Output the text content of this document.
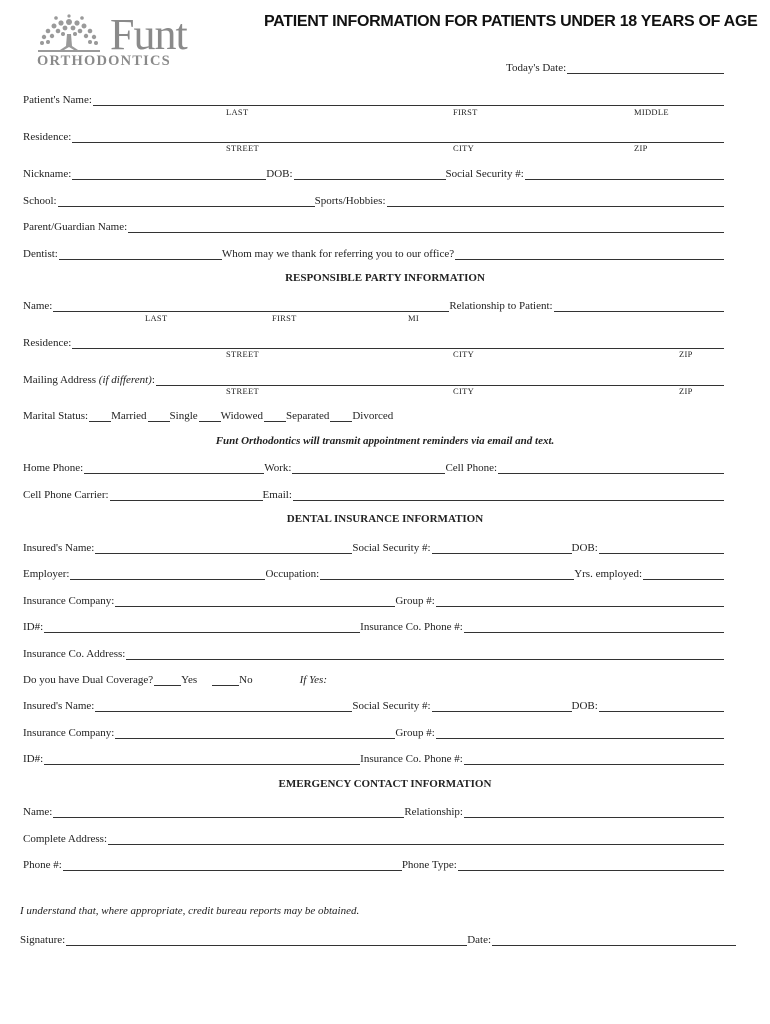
Funt
ORTHODONTICS
PATIENT INFORMATION FOR PATIENTS UNDER 18 YEARS OF AGE
Today's Date:
Patient's Name:
LAST	FIRST	MIDDLE
Residence:
STREET	CITY	ZIP
Nickname:	DOB:	Social Security #:
School:	Sports/Hobbies:
Parent/Guardian Name:
Dentist:	Whom may we thank for referring you to our office?
RESPONSIBLE PARTY INFORMATION
Name:	Relationship to Patient:
LAST	FIRST	MI
Residence:
STREET	CITY	ZIP
Mailing Address (if different):
STREET	CITY	ZIP
Marital Status: Married Single Widowed Separated Divorced
Funt Orthodontics will transmit appointment reminders via email and text.
Home Phone:	Work:	Cell Phone:
Cell Phone Carrier:	Email:
DENTAL INSURANCE INFORMATION
Insured's Name:	Social Security #:	DOB:
Employer:	Occupation:	Yrs. employed:
Insurance Company:	Group #:
ID#:	Insurance Co. Phone #:
Insurance Co. Address:
Do you have Dual Coverage?	Yes	No	If Yes:
Insured's Name:	Social Security #:	DOB:
Insurance Company:	Group #:
ID#:	Insurance Co. Phone #:
EMERGENCY CONTACT INFORMATION
Name:	Relationship:
Complete Address:
Phone #:	Phone Type:
I understand that, where appropriate, credit bureau reports may be obtained.
Signature:	Date:
